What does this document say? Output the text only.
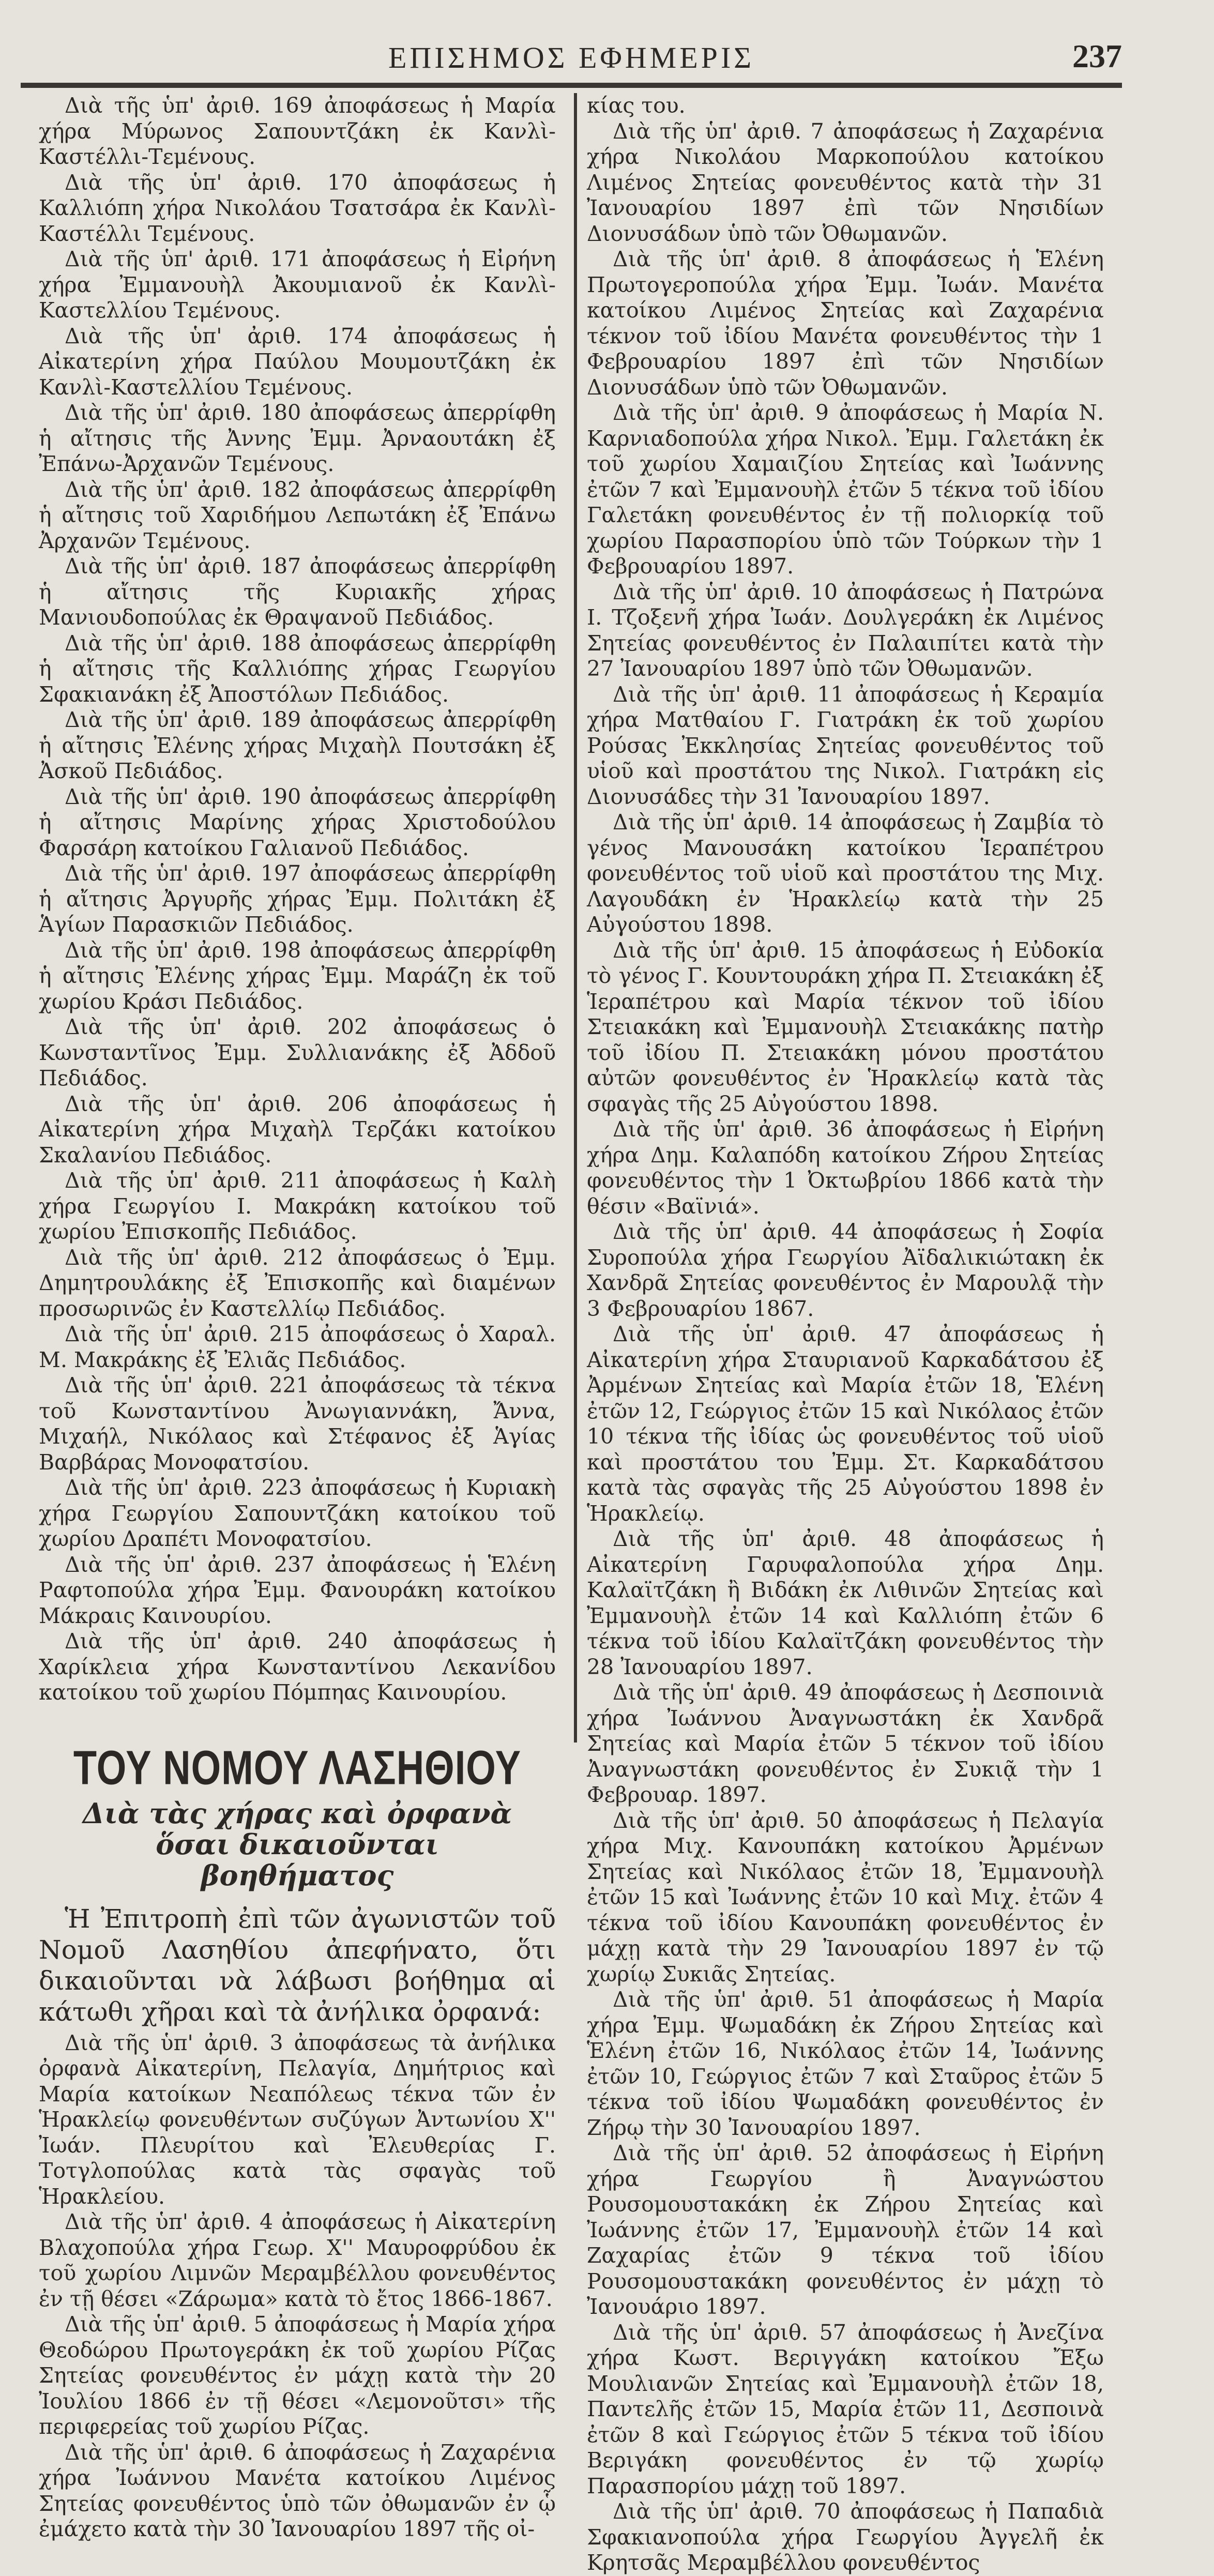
ΕΠΙΣΗΜΟΣ ΕΦΗΜΕΡΙΣ	237

Διὰ τῆς ὑπ' ἀριθ. 169 ἀποφάσεως ἡ Μαρία χήρα Μύρωνος Σαπουντζάκη ἐκ Κανλὶ-Καστέλλι-Τεμένους.

Διὰ τῆς ὑπ' ἀριθ. 170 ἀποφάσεως ἡ Καλλιόπη χήρα Νικολάου Τσατσάρα ἐκ Κανλὶ-Καστέλλι Τεμένους.

Διὰ τῆς ὑπ' ἀριθ. 171 ἀποφάσεως ἡ Εἰρήνη χήρα Ἐμμανουὴλ Ἀκουμιανοῦ ἐκ Κανλὶ-Καστελλίου Τεμένους.

Διὰ τῆς ὑπ' ἀριθ. 174 ἀποφάσεως ἡ Αἰκατερίνη χήρα Παύλου Μουμουτζάκη ἐκ Κανλὶ-Καστελλίου Τεμένους.

Διὰ τῆς ὑπ' ἀριθ. 180 ἀποφάσεως ἀπερρίφθη ἡ αἴτησις τῆς Ἀννης Ἐμμ. Ἀρναουτάκη ἐξ Ἐπάνω-Ἀρχανῶν Τεμένους.

Διὰ τῆς ὑπ' ἀριθ. 182 ἀποφάσεως ἀπερρίφθη ἡ αἴτησις τοῦ Χαριδήμου Λεπωτάκη ἐξ Ἐπάνω Ἀρχανῶν Τεμένους.

Διὰ τῆς ὑπ' ἀριθ. 187 ἀποφάσεως ἀπερρίφθη ἡ αἴτησις τῆς Κυριακῆς χήρας Μανιουδοπούλας ἐκ Θραψανοῦ Πεδιάδος.

Διὰ τῆς ὑπ' ἀριθ. 188 ἀποφάσεως ἀπερρίφθη ἡ αἴτησις τῆς Καλλιόπης χήρας Γεωργίου Σφακιανάκη ἐξ Ἀποστόλων Πεδιάδος.

Διὰ τῆς ὑπ' ἀριθ. 189 ἀποφάσεως ἀπερρίφθη ἡ αἴτησις Ἐλένης χήρας Μιχαὴλ Πουτσάκη ἐξ Ἀσκοῦ Πεδιάδος.

Διὰ τῆς ὑπ' ἀριθ. 190 ἀποφάσεως ἀπερρίφθη ἡ αἴτησις Μαρίνης χήρας Χριστοδούλου Φαρσάρη κατοίκου Γαλιανοῦ Πεδιάδος.

Διὰ τῆς ὑπ' ἀριθ. 197 ἀποφάσεως ἀπερρίφθη ἡ αἴτησις Ἀργυρῆς χήρας Ἐμμ. Πολιτάκη ἐξ Ἁγίων Παρασκιῶν Πεδιάδος.

Διὰ τῆς ὑπ' ἀριθ. 198 ἀποφάσεως ἀπερρίφθη ἡ αἴτησις Ἐλένης χήρας Ἐμμ. Μαράζη ἐκ τοῦ χωρίου Κράσι Πεδιάδος.

Διὰ τῆς ὑπ' ἀριθ. 202 ἀποφάσεως ὁ Κωνσταντῖνος Ἐμμ. Συλλιανάκης ἐξ Ἀδδοῦ Πεδιάδος.

Διὰ τῆς ὑπ' ἀριθ. 206 ἀποφάσεως ἡ Αἰκατερίνη χήρα Μιχαὴλ Τερζάκι κατοίκου Σκαλανίου Πεδιάδος.

Διὰ τῆς ὑπ' ἀριθ. 211 ἀποφάσεως ἡ Καλὴ χήρα Γεωργίου Ι. Μακράκη κατοίκου τοῦ χωρίου Ἐπισκοπῆς Πεδιάδος.

Διὰ τῆς ὑπ' ἀριθ. 212 ἀποφάσεως ὁ Ἐμμ. Δημητρουλάκης ἐξ Ἐπισκοπῆς καὶ διαμένων προσωρινῶς ἐν Καστελλίῳ Πεδιάδος.

Διὰ τῆς ὑπ' ἀριθ. 215 ἀποφάσεως ὁ Χαραλ. Μ. Μακράκης ἐξ Ἐλιᾶς Πεδιάδος.

Διὰ τῆς ὑπ' ἀριθ. 221 ἀποφάσεως τὰ τέκνα τοῦ Κωνσταντίνου Ἀνωγιαννάκη, Ἄννα, Μιχαήλ, Νικόλαος καὶ Στέφανος ἐξ Ἁγίας Βαρβάρας Μονοφατσίου.

Διὰ τῆς ὑπ' ἀριθ. 223 ἀποφάσεως ἡ Κυριακὴ χήρα Γεωργίου Σαπουντζάκη κατοίκου τοῦ χωρίου Δραπέτι Μονοφατσίου.

Διὰ τῆς ὑπ' ἀριθ. 237 ἀποφάσεως ἡ Ἑλένη Ραφτοπούλα χήρα Ἐμμ. Φανουράκη κατοίκου Μάκραις Καινουρίου.

Διὰ τῆς ὑπ' ἀριθ. 240 ἀποφάσεως ἡ Χαρίκλεια χήρα Κωνσταντίνου Λεκανίδου κατοίκου τοῦ χωρίου Πόμπηας Καινουρίου.

ΤΟΥ ΝΟΜΟΥ ΛΑΣΗΘΙΟΥ
Διὰ τὰς χήρας καὶ ὀρφανὰ ὅσαι δικαιοῦνται βοηθήματος

Ἡ Ἐπιτροπὴ ἐπὶ τῶν ἀγωνιστῶν τοῦ Νομοῦ Λασηθίου ἀπεφήνατο, ὅτι δικαιοῦνται νὰ λάβωσι βοήθημα αἱ κάτωθι χῆραι καὶ τὰ ἀνήλικα ὀρφανά:

Διὰ τῆς ὑπ' ἀριθ. 3 ἀποφάσεως τὰ ἀνήλικα ὀρφανὰ Αἰκατερίνη, Πελαγία, Δημήτριος καὶ Μαρία κατοίκων Νεαπόλεως τέκνα τῶν ἐν Ἡρακλείῳ φονευθέντων συζύγων Ἀντωνίου Χ'' Ἰωάν. Πλευρίτου καὶ Ἐλευθερίας Γ. Τοτγλοπούλας κατὰ τὰς σφαγὰς τοῦ Ἡρακλείου.

Διὰ τῆς ὑπ' ἀριθ. 4 ἀποφάσεως ἡ Αἰκατερίνη Βλαχοπούλα χήρα Γεωρ. Χ'' Μαυροφρύδου ἐκ τοῦ χωρίου Λιμνῶν Μεραμβέλλου φονευθέντος ἐν τῇ θέσει «Ζάρωμα» κατὰ τὸ ἔτος 1866-1867.

Διὰ τῆς ὑπ' ἀριθ. 5 ἀποφάσεως ἡ Μαρία χήρα Θεοδώρου Πρωτογεράκη ἐκ τοῦ χωρίου Ρίζας Σητείας φονευθέντος ἐν μάχῃ κατὰ τὴν 20 Ἰουλίου 1866 ἐν τῇ θέσει «Λεμονοῦτσι» τῆς περιφερείας τοῦ χωρίου Ρίζας.

Διὰ τῆς ὑπ' ἀριθ. 6 ἀποφάσεως ἡ Ζαχαρένια χήρα Ἰωάννου Μανέτα κατοίκου Λιμένος Σητείας φονευθέντος ὑπὸ τῶν ὀθωμανῶν ἐν ᾧ ἐμάχετο κατὰ τὴν 30 Ἰανουαρίου 1897 τῆς οἰ-

κίας του.

Διὰ τῆς ὑπ' ἀριθ. 7 ἀποφάσεως ἡ Ζαχαρένια χήρα Νικολάου Μαρκοπούλου κατοίκου Λιμένος Σητείας φονευθέντος κατὰ τὴν 31 Ἰανουαρίου 1897 ἐπὶ τῶν Νησιδίων Διονυσάδων ὑπὸ τῶν Ὀθωμανῶν.

Διὰ τῆς ὑπ' ἀριθ. 8 ἀποφάσεως ἡ Ἑλένη Πρωτογεροπούλα χήρα Ἐμμ. Ἰωάν. Μανέτα κατοίκου Λιμένος Σητείας καὶ Ζαχαρένια τέκνον τοῦ ἰδίου Μανέτα φονευθέντος τὴν 1 Φεβρουαρίου 1897 ἐπὶ τῶν Νησιδίων Διονυσάδων ὑπὸ τῶν Ὀθωμανῶν.

Διὰ τῆς ὑπ' ἀριθ. 9 ἀποφάσεως ἡ Μαρία Ν. Καρνιαδοπούλα χήρα Νικολ. Ἐμμ. Γαλετάκη ἐκ τοῦ χωρίου Χαμαιζίου Σητείας καὶ Ἰωάννης ἐτῶν 7 καὶ Ἐμμανουὴλ ἐτῶν 5 τέκνα τοῦ ἰδίου Γαλετάκη φονευθέντος ἐν τῇ πολιορκίᾳ τοῦ χωρίου Παρασπορίου ὑπὸ τῶν Τούρκων τὴν 1 Φεβρουαρίου 1897.

Διὰ τῆς ὑπ' ἀριθ. 10 ἀποφάσεως ἡ Πατρώνα Ι. Τζοξενῆ χήρα Ἰωάν. Δουλγεράκη ἐκ Λιμένος Σητείας φονευθέντος ἐν Παλαιπίτει κατὰ τὴν 27 Ἰανουαρίου 1897 ὑπὸ τῶν Ὀθωμανῶν.

Διὰ τῆς ὑπ' ἀριθ. 11 ἀποφάσεως ἡ Κεραμία χήρα Ματθαίου Γ. Γιατράκη ἐκ τοῦ χωρίου Ρούσας Ἐκκλησίας Σητείας φονευθέντος τοῦ υἱοῦ καὶ προστάτου της Νικολ. Γιατράκη εἰς Διονυσάδες τὴν 31 Ἰανουαρίου 1897.

Διὰ τῆς ὑπ' ἀριθ. 14 ἀποφάσεως ἡ Ζαμβία τὸ γένος Μανουσάκη κατοίκου Ἱεραπέτρου φονευθέντος τοῦ υἱοῦ καὶ προστάτου της Μιχ. Λαγουδάκη ἐν Ἡρακλείῳ κατὰ τὴν 25 Αὐγούστου 1898.

Διὰ τῆς ὑπ' ἀριθ. 15 ἀποφάσεως ἡ Εὐδοκία τὸ γένος Γ. Κουντουράκη χήρα Π. Στειακάκη ἐξ Ἱεραπέτρου καὶ Μαρία τέκνον τοῦ ἰδίου Στειακάκη καὶ Ἐμμανουὴλ Στειακάκης πατὴρ τοῦ ἰδίου Π. Στειακάκη μόνου προστάτου αὐτῶν φονευθέντος ἐν Ἡρακλείῳ κατὰ τὰς σφαγὰς τῆς 25 Αὐγούστου 1898.

Διὰ τῆς ὑπ' ἀριθ. 36 ἀποφάσεως ἡ Εἰρήνη χήρα Δημ. Καλαπόδη κατοίκου Ζήρου Σητείας φονευθέντος τὴν 1 Ὀκτωβρίου 1866 κατὰ τὴν θέσιν «Βαϊνιά».

Διὰ τῆς ὑπ' ἀριθ. 44 ἀποφάσεως ἡ Σοφία Συροπούλα χήρα Γεωργίου Ἀϊδαλικιώτακη ἐκ Χανδρᾶ Σητείας φονευθέντος ἐν Μαρουλᾷ τὴν 3 Φεβρουαρίου 1867.

Διὰ τῆς ὑπ' ἀριθ. 47 ἀποφάσεως ἡ Αἰκατερίνη χήρα Σταυριανοῦ Καρκαδάτσου ἐξ Ἀρμένων Σητείας καὶ Μαρία ἐτῶν 18, Ἑλένη ἐτῶν 12, Γεώργιος ἐτῶν 15 καὶ Νικόλαος ἐτῶν 10 τέκνα τῆς ἰδίας ὡς φονευθέντος τοῦ υἱοῦ καὶ προστάτου του Ἐμμ. Στ. Καρκαδάτσου κατὰ τὰς σφαγὰς τῆς 25 Αὐγούστου 1898 ἐν Ἡρακλείῳ.

Διὰ τῆς ὑπ' ἀριθ. 48 ἀποφάσεως ἡ Αἰκατερίνη Γαρυφαλοπούλα χήρα Δημ. Καλαϊτζάκη ἢ Βιδάκη ἐκ Λιθινῶν Σητείας καὶ Ἐμμανουὴλ ἐτῶν 14 καὶ Καλλιόπη ἐτῶν 6 τέκνα τοῦ ἰδίου Καλαϊτζάκη φονευθέντος τὴν 28 Ἰανουαρίου 1897.

Διὰ τῆς ὑπ' ἀριθ. 49 ἀποφάσεως ἡ Δεσποινιὰ χήρα Ἰωάννου Ἀναγνωστάκη ἐκ Χανδρᾶ Σητείας καὶ Μαρία ἐτῶν 5 τέκνον τοῦ ἰδίου Ἀναγνωστάκη φονευθέντος ἐν Συκιᾷ τὴν 1 Φεβρουαρ. 1897.

Διὰ τῆς ὑπ' ἀριθ. 50 ἀποφάσεως ἡ Πελαγία χήρα Μιχ. Κανουπάκη κατοίκου Ἀρμένων Σητείας καὶ Νικόλαος ἐτῶν 18, Ἐμμανουὴλ ἐτῶν 15 καὶ Ἰωάννης ἐτῶν 10 καὶ Μιχ. ἐτῶν 4 τέκνα τοῦ ἰδίου Κανουπάκη φονευθέντος ἐν μάχῃ κατὰ τὴν 29 Ἰανουαρίου 1897 ἐν τῷ χωρίῳ Συκιᾶς Σητείας.

Διὰ τῆς ὑπ' ἀριθ. 51 ἀποφάσεως ἡ Μαρία χήρα Ἐμμ. Ψωμαδάκη ἐκ Ζήρου Σητείας καὶ Ἑλένη ἐτῶν 16, Νικόλαος ἐτῶν 14, Ἰωάννης ἐτῶν 10, Γεώργιος ἐτῶν 7 καὶ Σταῦρος ἐτῶν 5 τέκνα τοῦ ἰδίου Ψωμαδάκη φονευθέντος ἐν Ζήρῳ τὴν 30 Ἰανουαρίου 1897.

Διὰ τῆς ὑπ' ἀριθ. 52 ἀποφάσεως ἡ Εἰρήνη χήρα Γεωργίου ἢ Ἀναγνώστου Ρουσομουστακάκη ἐκ Ζήρου Σητείας καὶ Ἰωάννης ἐτῶν 17, Ἐμμανουὴλ ἐτῶν 14 καὶ Ζαχαρίας ἐτῶν 9 τέκνα τοῦ ἰδίου Ρουσομουστακάκη φονευθέντος ἐν μάχῃ τὸ Ἰανουάριο 1897.

Διὰ τῆς ὑπ' ἀριθ. 57 ἀποφάσεως ἡ Ἀνεζίνα χήρα Κωστ. Βεριγγάκη κατοίκου Ἔξω Μουλιανῶν Σητείας καὶ Ἐμμανουὴλ ἐτῶν 18, Παντελῆς ἐτῶν 15, Μαρία ἐτῶν 11, Δεσποινὰ ἐτῶν 8 καὶ Γεώργιος ἐτῶν 5 τέκνα τοῦ ἰδίου Βεριγάκη φονευθέντος ἐν τῷ χωρίῳ Παρασπορίου μάχῃ τοῦ 1897.

Διὰ τῆς ὑπ' ἀριθ. 70 ἀποφάσεως ἡ Παπαδιὰ Σφακιανοπούλα χήρα Γεωργίου Ἀγγελῆ ἐκ Κρητσᾶς Μεραμβέλλου φονευθέντος
